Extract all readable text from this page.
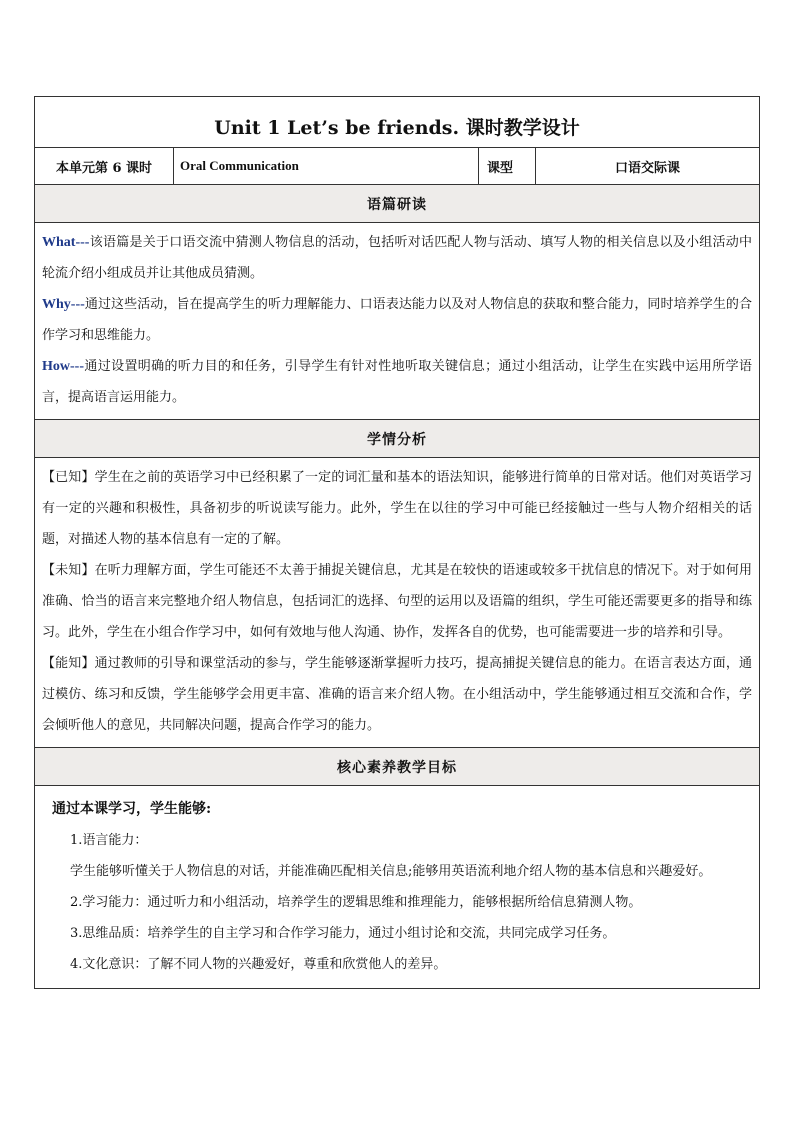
Unit 1 Let’s be friends. 课时教学设计
本单元第 6 课时	Oral Communication	课型	口语交际课
语篇研读

What---该语篇是关于口语交流中猜测人物信息的活动，包括听对话匹配人物与活动、填写人物的相关信息以及小组活动中轮流介绍小组成员并让其他成员猜测。

Why---通过这些活动，旨在提高学生的听力理解能力、口语表达能力以及对人物信息的获取和整合能力，同时培养学生的合作学习和思维能力。

How---通过设置明确的听力目的和任务，引导学生有针对性地听取关键信息；通过小组活动，让学生在实践中运用所学语言，提高语言运用能力。

学情分析

【已知】学生在之前的英语学习中已经积累了一定的词汇量和基本的语法知识，能够进行简单的日常对话。他们对英语学习有一定的兴趣和积极性，具备初步的听说读写能力。此外，学生在以往的学习中可能已经接触过一些与人物介绍相关的话题，对描述人物的基本信息有一定的了解。

【未知】在听力理解方面，学生可能还不太善于捕捉关键信息，尤其是在较快的语速或较多干扰信息的情况下。对于如何用准确、恰当的语言来完整地介绍人物信息，包括词汇的选择、句型的运用以及语篇的组织，学生可能还需要更多的指导和练习。此外，学生在小组合作学习中，如何有效地与他人沟通、协作，发挥各自的优势，也可能需要进一步的培养和引导。

【能知】通过教师的引导和课堂活动的参与，学生能够逐渐掌握听力技巧，提高捕捉关键信息的能力。在语言表达方面，通过模仿、练习和反馈，学生能够学会用更丰富、准确的语言来介绍人物。在小组活动中，学生能够通过相互交流和合作，学会倾听他人的意见，共同解决问题，提高合作学习的能力。

核心素养教学目标
通过本课学习，学生能够:
1.语言能力：
学生能够听懂关于人物信息的对话，并能准确匹配相关信息;能够用英语流利地介绍人物的基本信息和兴趣爱好。
2.学习能力：通过听力和小组活动，培养学生的逻辑思维和推理能力，能够根据所给信息猜测人物。
3.思维品质：培养学生的自主学习和合作学习能力，通过小组讨论和交流，共同完成学习任务。
4.文化意识：了解不同人物的兴趣爱好，尊重和欣赏他人的差异。
